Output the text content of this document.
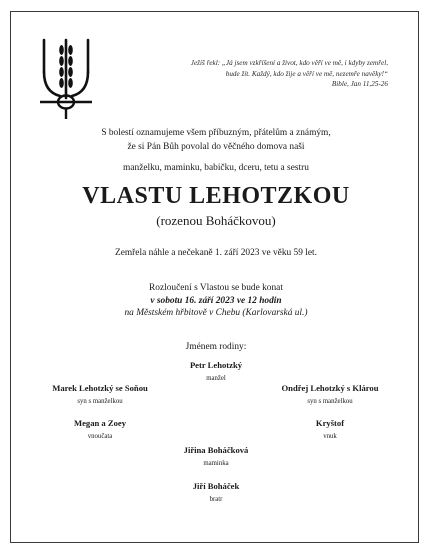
Ježíš řekl: „Já jsem vzkříšení a život, kdo věří ve mě, i kdyby zemřel,
bude žít. Každý, kdo žije a věří ve mě, nezemře navěky!“
Bible, Jan 11,25-26
S bolestí oznamujeme všem příbuzným, přátelům a známým,
že si Pán Bůh povolal do věčného domova naši
manželku, maminku, babičku, dceru, tetu a sestru
VLASTU LEHOTZKOU
(rozenou Boháčkovou)
Zemřela náhle a nečekaně 1. září 2023 ve věku 59 let.
Rozloučení s Vlastou se bude konat
v sobotu 16. září 2023 ve 12 hodin
na Městském hřbitově v Chebu (Karlovarská ul.)
Jménem rodiny:
Petr Lehotzký
manžel
Marek Lehotzký se Soňou
syn s manželkou
Ondřej Lehotzký s Klárou
syn s manželkou
Megan a Zoey
vnoučata
Kryštof
vnuk
Jiřina Boháčková
maminka
Jiří Boháček
bratr
